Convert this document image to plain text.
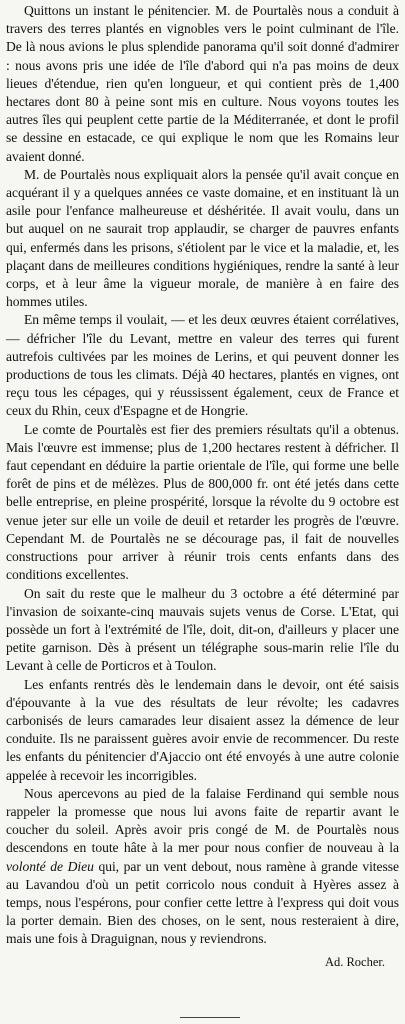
Quittons un instant le pénitencier. M. de Pourtalès nous a conduit à travers des terres plantés en vignobles vers le point culminant de l'île. De là nous avions le plus splendide panorama qu'il soit donné d'admirer : nous avons pris une idée de l'île d'abord qui n'a pas moins de deux lieues d'étendue, rien qu'en longueur, et qui contient près de 1,400 hectares dont 80 à peine sont mis en culture. Nous voyons toutes les autres îles qui peuplent cette partie de la Méditerranée, et dont le profil se dessine en estacade, ce qui explique le nom que les Romains leur avaient donné.

M. de Pourtalès nous expliquait alors la pensée qu'il avait conçue en acquérant il y a quelques années ce vaste domaine, et en instituant là un asile pour l'enfance malheureuse et déshéritée. Il avait voulu, dans un but auquel on ne saurait trop applaudir, se charger de pauvres enfants qui, enfermés dans les prisons, s'étiolent par le vice et la maladie, et, les plaçant dans de meilleures conditions hygiéniques, rendre la santé à leur corps, et à leur âme la vigueur morale, de manière à en faire des hommes utiles.

En même temps il voulait, — et les deux œuvres étaient corrélatives, — défricher l'île du Levant, mettre en valeur des terres qui furent autrefois cultivées par les moines de Lerins, et qui peuvent donner les productions de tous les climats. Déjà 40 hectares, plantés en vignes, ont reçu tous les cépages, qui y réussissent également, ceux de France et ceux du Rhin, ceux d'Espagne et de Hongrie.

Le comte de Pourtalès est fier des premiers résultats qu'il a obtenus. Mais l'œuvre est immense; plus de 1,200 hectares restent à défricher. Il faut cependant en déduire la partie orientale de l'île, qui forme une belle forêt de pins et de mélèzes. Plus de 800,000 fr. ont été jetés dans cette belle entreprise, en pleine prospérité, lorsque la révolte du 9 octobre est venue jeter sur elle un voile de deuil et retarder les progrès de l'œuvre. Cependant M. de Pourtalès ne se décourage pas, il fait de nouvelles constructions pour arriver à réunir trois cents enfants dans des conditions excellentes.

On sait du reste que le malheur du 3 octobre a été déterminé par l'invasion de soixante-cinq mauvais sujets venus de Corse. L'Etat, qui possède un fort à l'extrémité de l'île, doit, dit-on, d'ailleurs y placer une petite garnison. Dès à présent un télégraphe sous-marin relie l'île du Levant à celle de Porticros et à Toulon.

Les enfants rentrés dès le lendemain dans le devoir, ont été saisis d'épouvante à la vue des résultats de leur révolte; les cadavres carbonisés de leurs camarades leur disaient assez la démence de leur conduite. Ils ne paraissent guères avoir envie de recommencer. Du reste les enfants du pénitencier d'Ajaccio ont été envoyés à une autre colonie appelée à recevoir les incorrigibles.

Nous apercevons au pied de la falaise Ferdinand qui semble nous rappeler la promesse que nous lui avons faite de repartir avant le coucher du soleil. Après avoir pris congé de M. de Pourtalès nous descendons en toute hâte à la mer pour nous confier de nouveau à la volonté de Dieu qui, par un vent debout, nous ramène à grande vitesse au Lavandou d'où un petit corricolo nous conduit à Hyères assez à temps, nous l'espérons, pour confier cette lettre à l'express qui doit vous la porter demain. Bien des choses, on le sent, nous resteraient à dire, mais une fois à Draguignan, nous y reviendrons.

Ad. Rocher.
